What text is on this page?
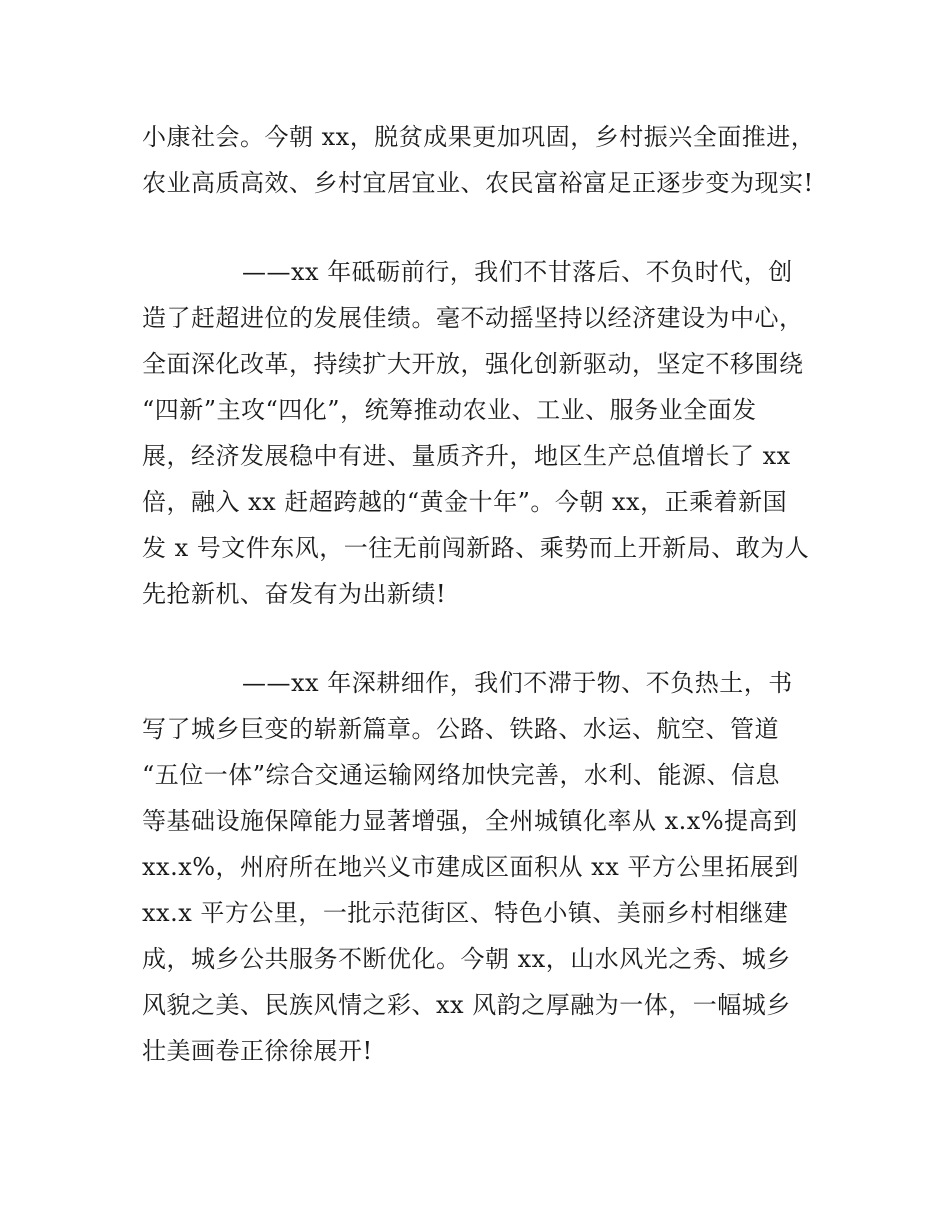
小康社会。今朝 xx，脱贫成果更加巩固，乡村振兴全面推进，
农业高质高效、乡村宜居宜业、农民富裕富足正逐步变为现实!
——xx 年砥砺前行，我们不甘落后、不负时代，创
造了赶超进位的发展佳绩。毫不动摇坚持以经济建设为中心，
全面深化改革，持续扩大开放，强化创新驱动，坚定不移围绕
“四新”主攻“四化”，统筹推动农业、工业、服务业全面发
展，经济发展稳中有进、量质齐升，地区生产总值增长了 xx
倍，融入 xx 赶超跨越的“黄金十年”。今朝 xx，正乘着新国
发 x 号文件东风，一往无前闯新路、乘势而上开新局、敢为人
先抢新机、奋发有为出新绩!
——xx 年深耕细作，我们不滞于物、不负热土，书
写了城乡巨变的崭新篇章。公路、铁路、水运、航空、管道
“五位一体”综合交通运输网络加快完善，水利、能源、信息
等基础设施保障能力显著增强，全州城镇化率从 x.x%提高到
xx.x%，州府所在地兴义市建成区面积从 xx 平方公里拓展到
xx.x 平方公里，一批示范街区、特色小镇、美丽乡村相继建
成，城乡公共服务不断优化。今朝 xx，山水风光之秀、城乡
风貌之美、民族风情之彩、xx 风韵之厚融为一体，一幅城乡
壮美画卷正徐徐展开!
